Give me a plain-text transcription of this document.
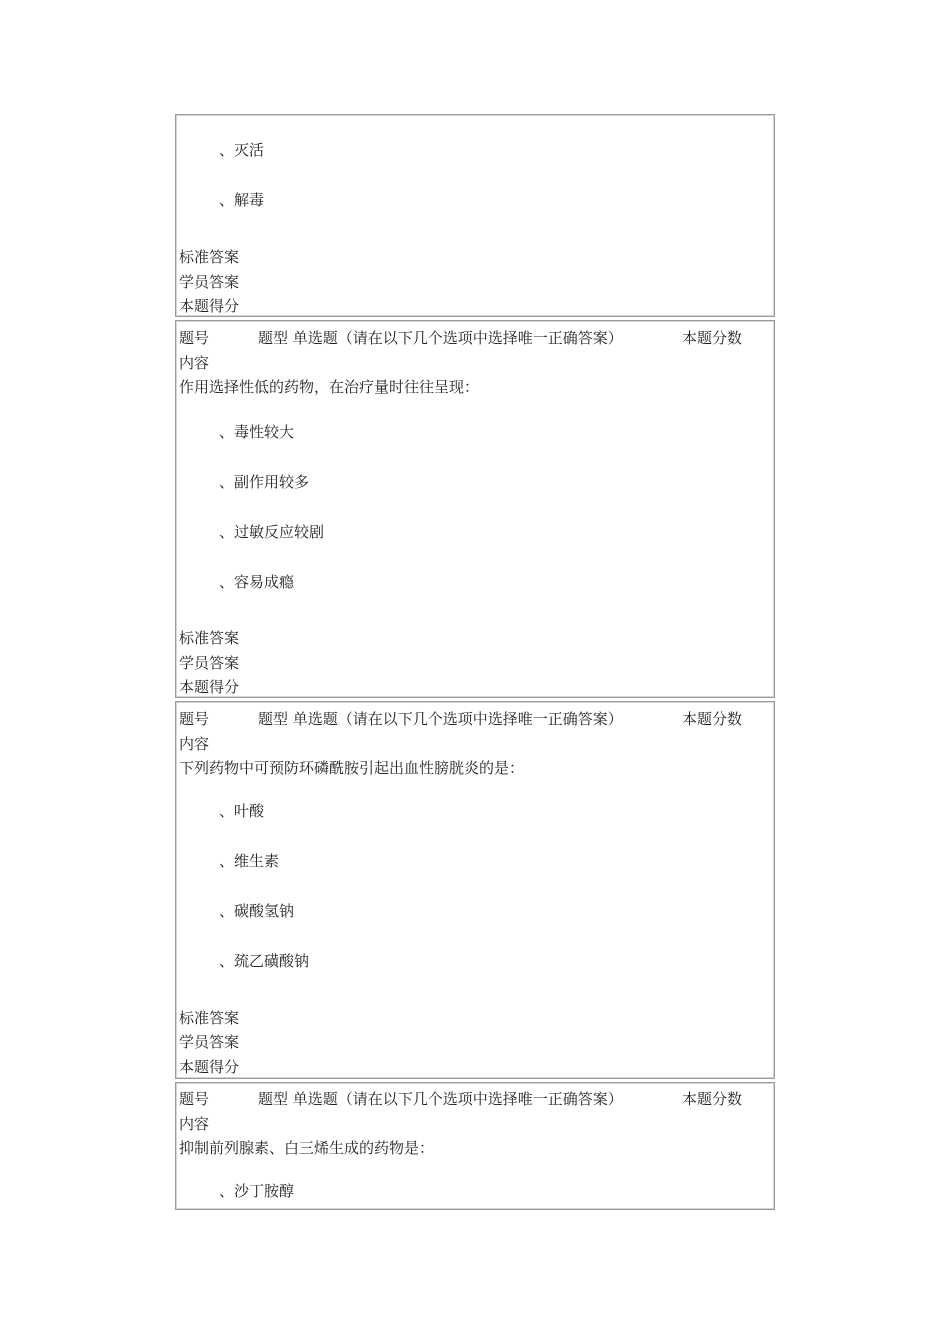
、灭活
、解毒
标准答案
学员答案
本题得分
题号	题型 单选题（请在以下几个选项中选择唯一正确答案）	本题分数
内容
作用选择性低的药物，在治疗量时往往呈现：
、毒性较大
、副作用较多
、过敏反应较剧
、容易成瘾
标准答案
学员答案
本题得分
题号	题型 单选题（请在以下几个选项中选择唯一正确答案）	本题分数
内容
下列药物中可预防环磷酰胺引起出血性膀胱炎的是：
、叶酸
、维生素
、碳酸氢钠
、巯乙磺酸钠
标准答案
学员答案
本题得分
题号	题型 单选题（请在以下几个选项中选择唯一正确答案）	本题分数
内容
抑制前列腺素、白三烯生成的药物是：
、沙丁胺醇
